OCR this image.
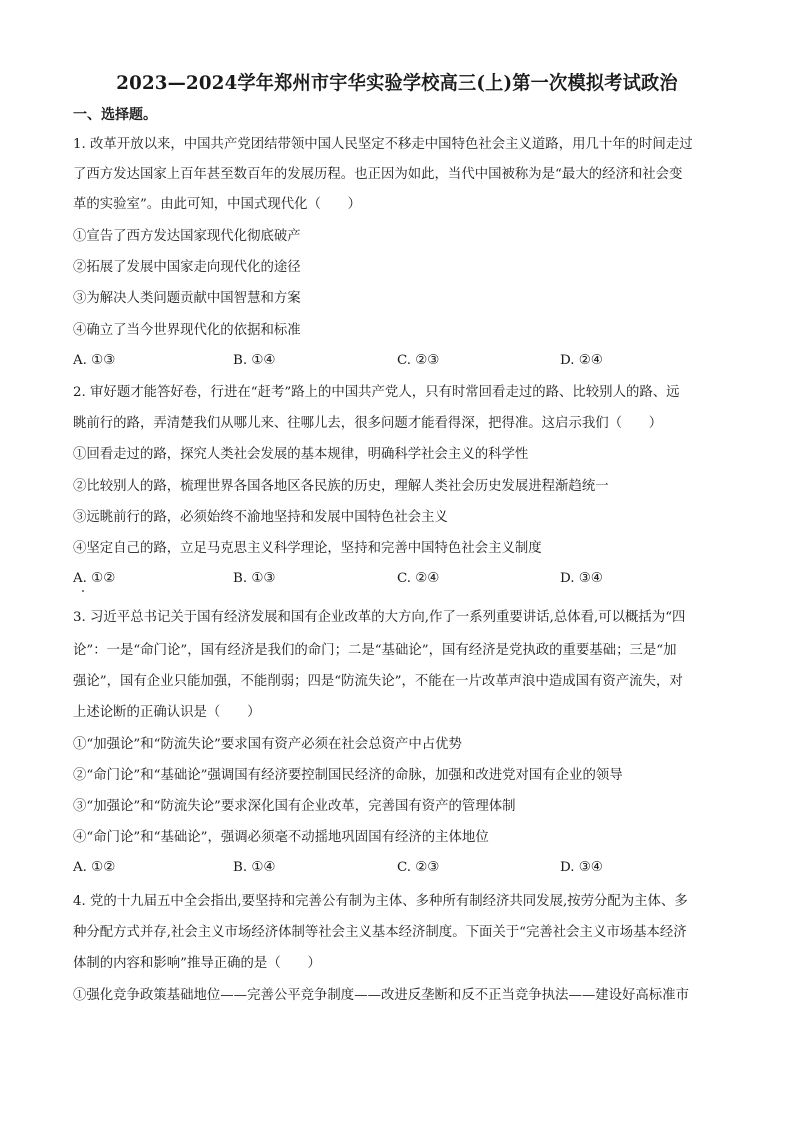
2023—2024学年郑州市宇华实验学校高三(上)第一次模拟考试政治
一、选择题。
1. 改革开放以来，中国共产党团结带领中国人民坚定不移走中国特色社会主义道路，用几十年的时间走过
了西方发达国家上百年甚至数百年的发展历程。也正因为如此，当代中国被称为是“最大的经济和社会变
革的实验室”。由此可知，中国式现代化（　　）
①宣告了西方发达国家现代化彻底破产
②拓展了发展中国家走向现代化的途径
③为解决人类问题贡献中国智慧和方案
④确立了当今世界现代化的依据和标准
A. ①③	B. ①④	C. ②③	D. ②④
2. 审好题才能答好卷，行进在“赶考”路上的中国共产党人，只有时常回看走过的路、比较别人的路、远
眺前行的路，弄清楚我们从哪儿来、往哪儿去，很多问题才能看得深，把得准。这启示我们（　　）
①回看走过的路，探究人类社会发展的基本规律，明确科学社会主义的科学性
②比较别人的路，梳理世界各国各地区各民族的历史，理解人类社会历史发展进程渐趋统一
③远眺前行的路，必须始终不渝地坚持和发展中国特色社会主义
④坚定自己的路，立足马克思主义科学理论，坚持和完善中国特色社会主义制度
A. ①②	B. ①③	C. ②④	D. ③④
3. 习近平总书记关于国有经济发展和国有企业改革的大方向,作了一系列重要讲话,总体看,可以概括为“四
论”：一是“命门论”，国有经济是我们的命门；二是“基础论”，国有经济是党执政的重要基础；三是“加
强论”，国有企业只能加强，不能削弱；四是“防流失论”，不能在一片改革声浪中造成国有资产流失，对
上述论断的正确认识是（　　）
①“加强论”和“防流失论”要求国有资产必须在社会总资产中占优势
②“命门论”和“基础论”强调国有经济要控制国民经济的命脉，加强和改进党对国有企业的领导
③“加强论”和“防流失论”要求深化国有企业改革，完善国有资产的管理体制
④“命门论”和“基础论”，强调必须毫不动摇地巩固国有经济的主体地位
A. ①②	B. ①④	C. ②③	D. ③④
4. 党的十九届五中全会指出,要坚持和完善公有制为主体、多种所有制经济共同发展,按劳分配为主体、多
种分配方式并存,社会主义市场经济体制等社会主义基本经济制度。下面关于“完善社会主义市场基本经济
体制的内容和影响”推导正确的是（　　）
①强化竞争政策基础地位——完善公平竞争制度——改进反垄断和反不正当竞争执法——建设好高标准市
